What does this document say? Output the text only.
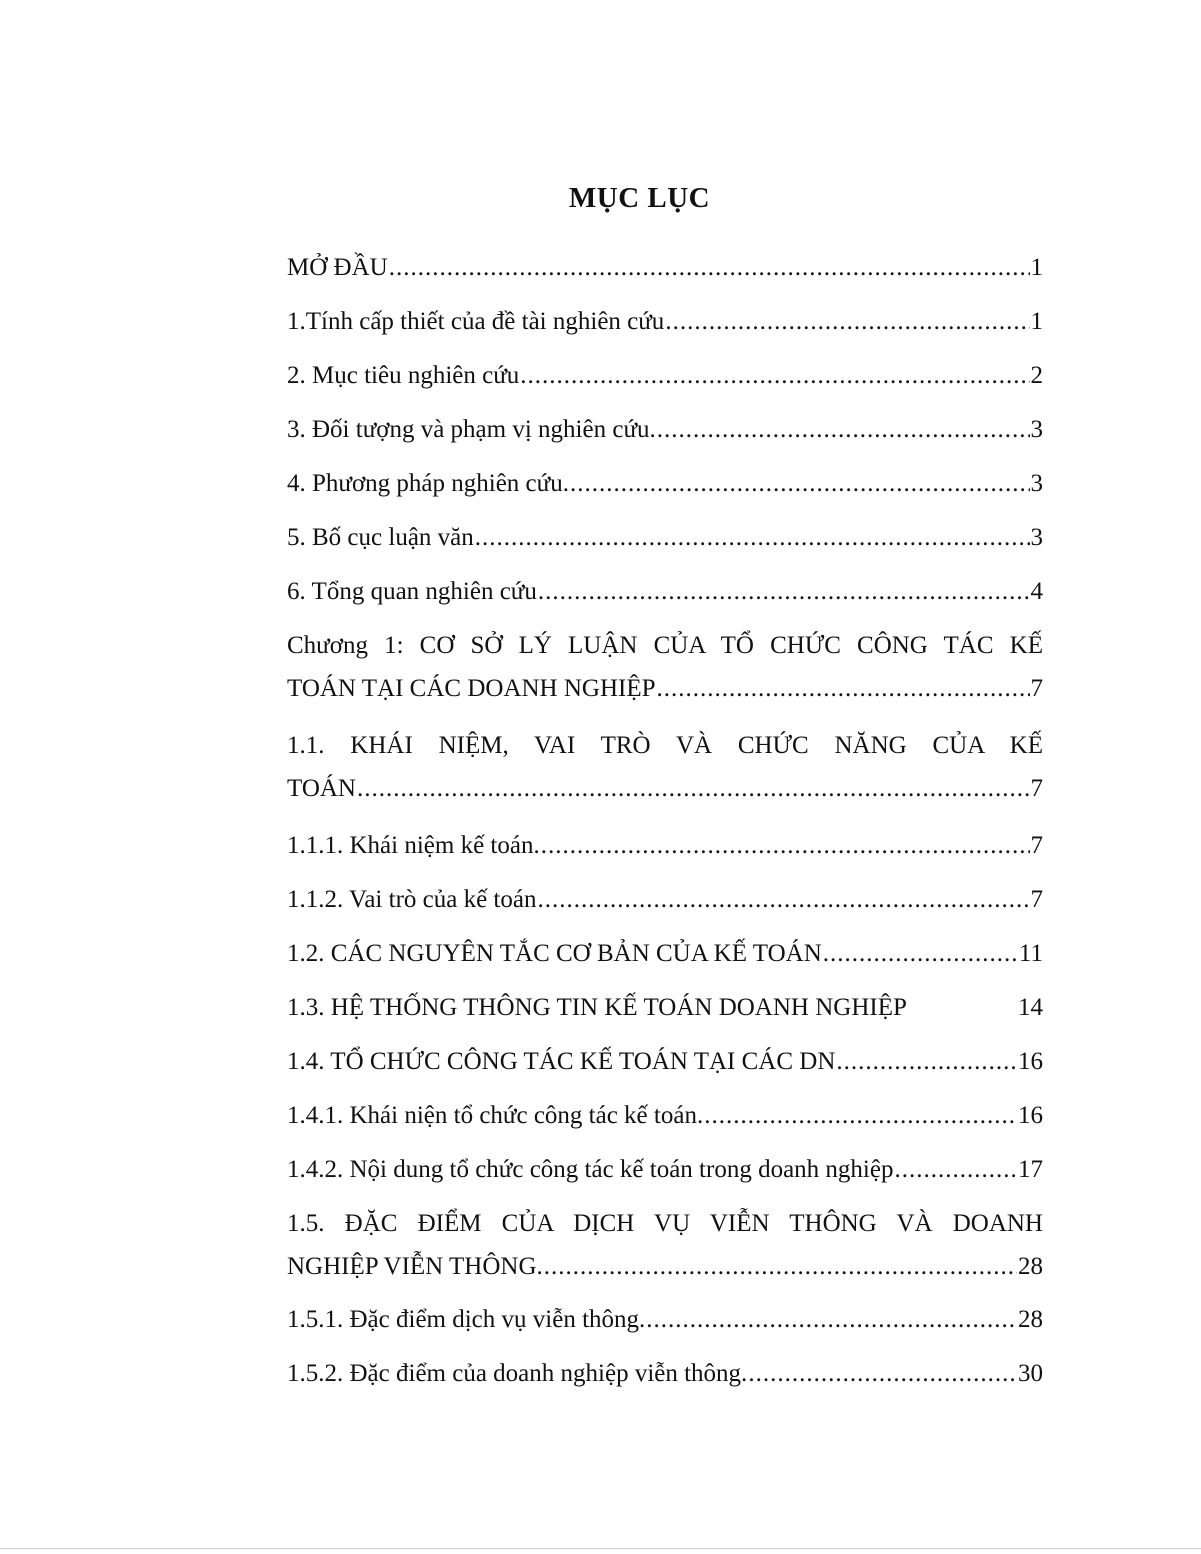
MỤC LỤC
MỞ ĐẦU .....	1
1.Tính cấp thiết của đề tài nghiên cứu .....	1
2. Mục tiêu nghiên cứu .....	2
3. Đối tượng và phạm vị nghiên cứu. .....	3
4. Phương pháp nghiên cứu. .....	3
5. Bố cục luận văn .....	3
6. Tổng quan nghiên cứu .....	4
Chương 1: CƠ SỞ LÝ LUẬN CỦA TỔ CHỨC CÔNG TÁC KẾ
TOÁN TẠI CÁC DOANH NGHIỆP .....	7
1.1. KHÁI NIỆM, VAI TRÒ VÀ CHỨC NĂNG CỦA KẾ
TOÁN .....	7
1.1.1. Khái niệm kế toán. .....	7
1.1.2. Vai trò của kế toán .....	7
1.2. CÁC NGUYÊN TẮC CƠ BẢN CỦA KẾ TOÁN .....	11
1.3. HỆ THỐNG THÔNG TIN KẾ TOÁN DOANH NGHIỆP	14
1.4. TỔ CHỨC CÔNG TÁC KẾ TOÁN TẠI CÁC DN .....	16
1.4.1. Khái niện tổ chức công tác kế toán. .....	16
1.4.2. Nội dung tổ chức công tác kế toán trong doanh nghiệp .....	17
1.5. ĐẶC ĐIỂM CỦA DỊCH VỤ VIỄN THÔNG VÀ DOANH
NGHIỆP VIỄN THÔNG. .....	28
1.5.1. Đặc điểm dịch vụ viễn thông. .....	28
1.5.2. Đặc điểm của doanh nghiệp viễn thông. .....	30
